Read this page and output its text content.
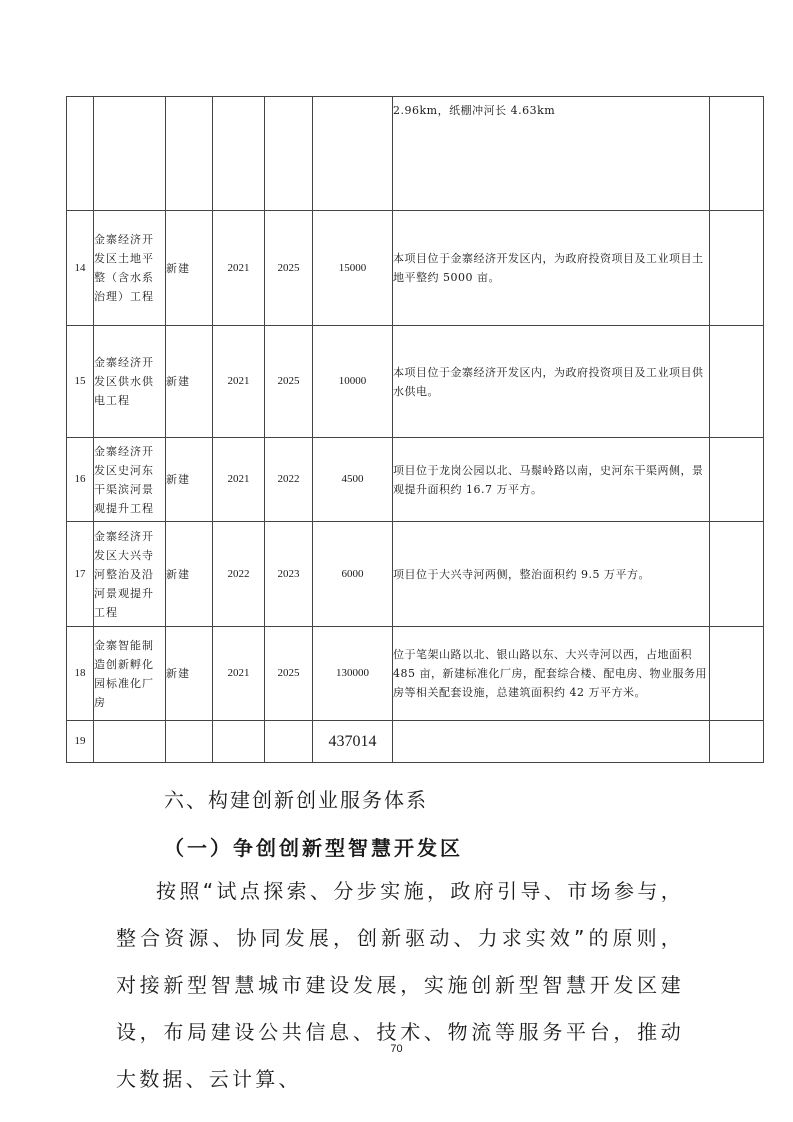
						2.96km，纸棚冲河长 4.63km	
14	金寨经济开发区土地平整（含水系治理）工程	新建	2021	2025	15000	本项目位于金寨经济开发区内，为政府投资项目及工业项目土地平整约 5000 亩。	
15	金寨经济开发区供水供电工程	新建	2021	2025	10000	本项目位于金寨经济开发区内，为政府投资项目及工业项目供水供电。	
16	金寨经济开发区史河东干渠滨河景观提升工程	新建	2021	2022	4500	项目位于龙岗公园以北、马鬃岭路以南，史河东干渠两侧，景观提升面积约 16.7 万平方。	
17	金寨经济开发区大兴寺河整治及沿河景观提升工程	新建	2022	2023	6000	项目位于大兴寺河两侧，整治面积约 9.5 万平方。	
18	金寨智能制造创新孵化园标准化厂房	新建	2021	2025	130000	位于笔架山路以北、银山路以东、大兴寺河以西，占地面积 485 亩，新建标准化厂房，配套综合楼、配电房、物业服务用房等相关配套设施，总建筑面积约 42 万平方米。	
19					437014		
六、构建创新创业服务体系
（一）争创创新型智慧开发区
按照“试点探索、分步实施，政府引导、市场参与，整合资源、协同发展，创新驱动、力求实效”的原则，对接新型智慧城市建设发展，实施创新型智慧开发区建设，布局建设公共信息、技术、物流等服务平台，推动大数据、云计算、
70
